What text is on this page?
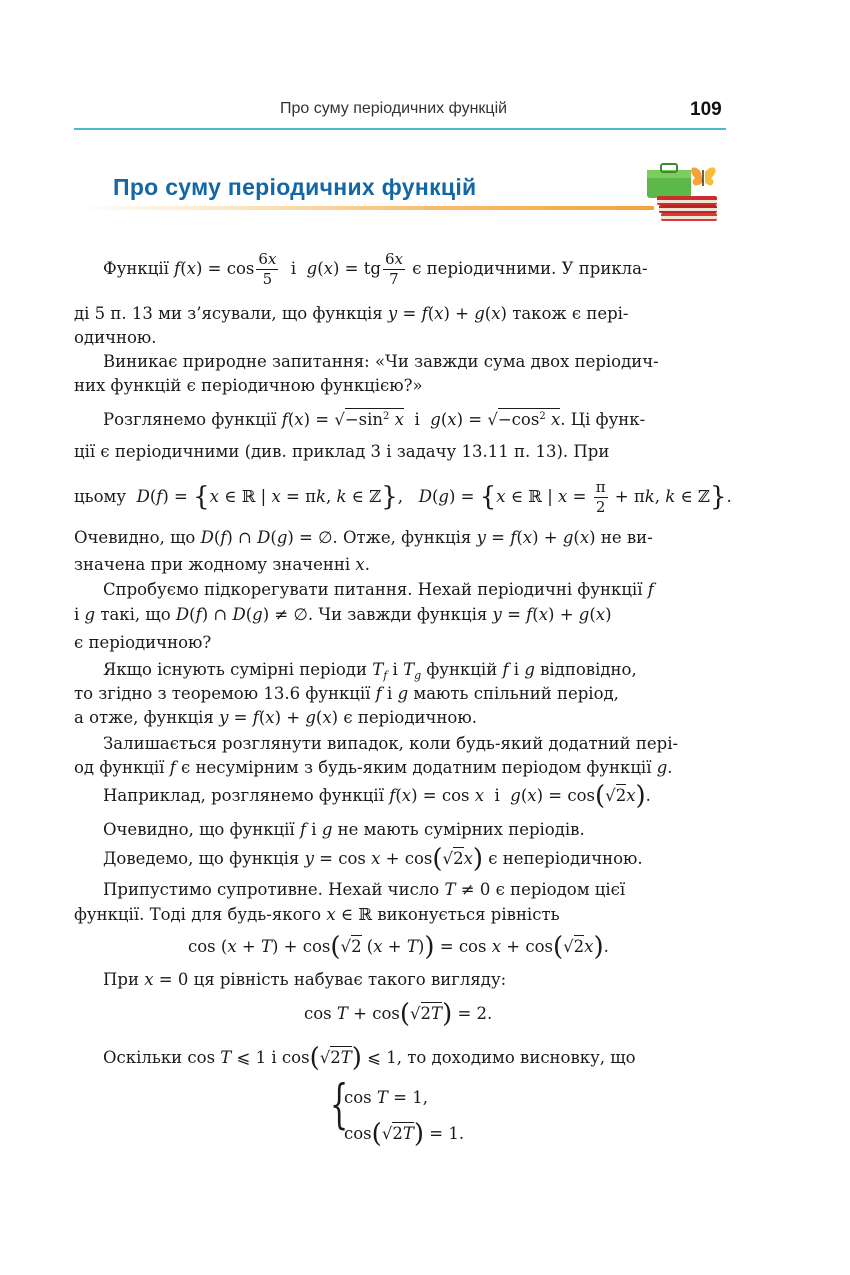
Про суму періодичних функцій	109
Про суму періодичних функцій
Функції $f(x) = \cos \frac{6x}{5}$ і  g(x) = tg $\frac{6x}{7}$ є періодичними. У прикла-
ді 5 п. 13 ми з’ясували, що функція y = f(x) + g(x) також є пері-
одичною.
Виникає природне запитання: «Чи завжди сума двох періодич-
них функцій є періодичною функцією?»
Розглянемо функції $f(x) = √-\sin^2$ x  і  $g(x) = √-\cos^2$ x. Ці функ-
ції є періодичними (див. приклад 3 і задачу 13.11 п. 13). При
цьому  D(f) = {x ∈ ℝ | x = πk, k ∈ ℤ},   D(g) = {x ∈ ℝ | $x = \frac{\pi}{2} + \pi k$, k ∈ ℤ}.
Очевидно, що D(f) ∩ D(g) = ∅. Отже, функція y = f(x) + g(x) не ви-
значена при жодному значенні x.
Спробуємо підкорегувати питання. Нехай періодичні функції f
і g такі, що D(f) ∩ D(g) ≠ ∅. Чи завжди функція y = f(x) + g(x)
є періодичною?
Якщо існують сумірні періоди $T_f$ і $T_g$ функцій f і g відповідно,
то згідно з теоремою 13.6 функції f і g мають спільний період,
а отже, функція y = f(x) + g(x) є періодичною.
Залишається розглянути випадок, коли будь-який додатний пері-
од функції f є несумірним з будь-яким додатним періодом функції g.
Наприклад, розглянемо функції f(x) = cos x  і  g(x) = cos(√2x).
Очевидно, що функції f і g не мають сумірних періодів.
Доведемо, що функція y = cos x + cos(√2x) є неперіодичною.
Припустимо супротивне. Нехай число T ≠ 0 є періодом цієї
функції. Тоді для будь-якого x ∈ ℝ виконується рівність
cos (x + T) + cos(√2 (x + T)) = cos x + cos(√2x).
При x = 0 ця рівність набуває такого вигляду:
cos T + cos(√2T) = 2.
Оскільки cos T ⩽ 1 і cos(√2T) ⩽ 1, то доходимо висновку, що
{
cos T = 1,
cos(√2T) = 1.
